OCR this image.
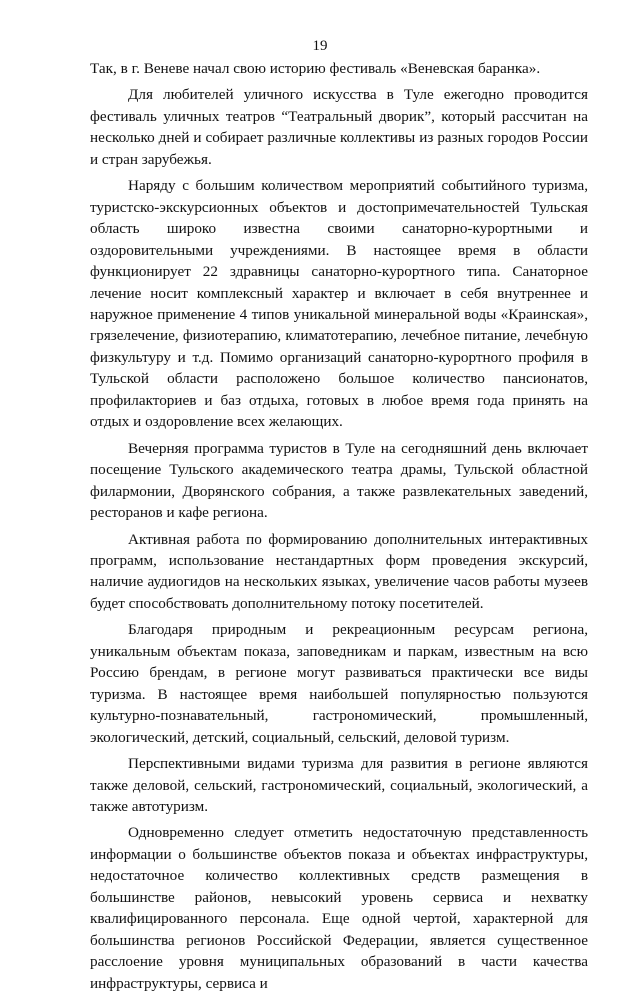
19

Так, в г. Веневе начал свою историю фестиваль «Веневская баранка».

Для любителей уличного искусства в Туле ежегодно проводится фестиваль уличных театров “Театральный дворик”, который рассчитан на несколько дней и собирает различные коллективы из разных городов России и стран зарубежья.

Наряду с большим количеством мероприятий событийного туризма, туристско-экскурсионных объектов и достопримечательностей Тульская область широко известна своими санаторно-курортными и оздоровительными учреждениями. В настоящее время в области функционирует 22 здравницы санаторно-курортного типа. Санаторное лечение носит комплексный характер и включает в себя внутреннее и наружное применение 4 типов уникальной минеральной воды «Краинская», грязелечение, физиотерапию, климатотерапию, лечебное питание, лечебную физкультуру и т.д. Помимо организаций санаторно-курортного профиля в Тульской области расположено большое количество пансионатов, профилакториев и баз отдыха, готовых в любое время года принять на отдых и оздоровление всех желающих.

Вечерняя программа туристов в Туле на сегодняшний день включает посещение Тульского академического театра драмы, Тульской областной филармонии, Дворянского собрания, а также развлекательных заведений, ресторанов и кафе региона.

Активная работа по формированию дополнительных интерактивных программ, использование нестандартных форм проведения экскурсий, наличие аудиогидов на нескольких языках, увеличение часов работы музеев будет способствовать дополнительному потоку посетителей.

Благодаря природным и рекреационным ресурсам региона, уникальным объектам показа, заповедникам и паркам, известным на всю Россию брендам, в регионе могут развиваться практически все виды туризма. В настоящее время наибольшей популярностью пользуются культурно-познавательный, гастрономический, промышленный, экологический, детский, социальный, сельский, деловой туризм.

Перспективными видами туризма для развития в регионе являются также деловой, сельский, гастрономический, социальный, экологический, а также автотуризм.

Одновременно следует отметить недостаточную представленность информации о большинстве объектов показа и объектах инфраструктуры, недостаточное количество коллективных средств размещения в большинстве районов, невысокий уровень сервиса и нехватку квалифицированного персонала. Еще одной чертой, характерной для большинства регионов Российской Федерации, является существенное расслоение уровня муниципальных образований в части качества инфраструктуры, сервиса и
